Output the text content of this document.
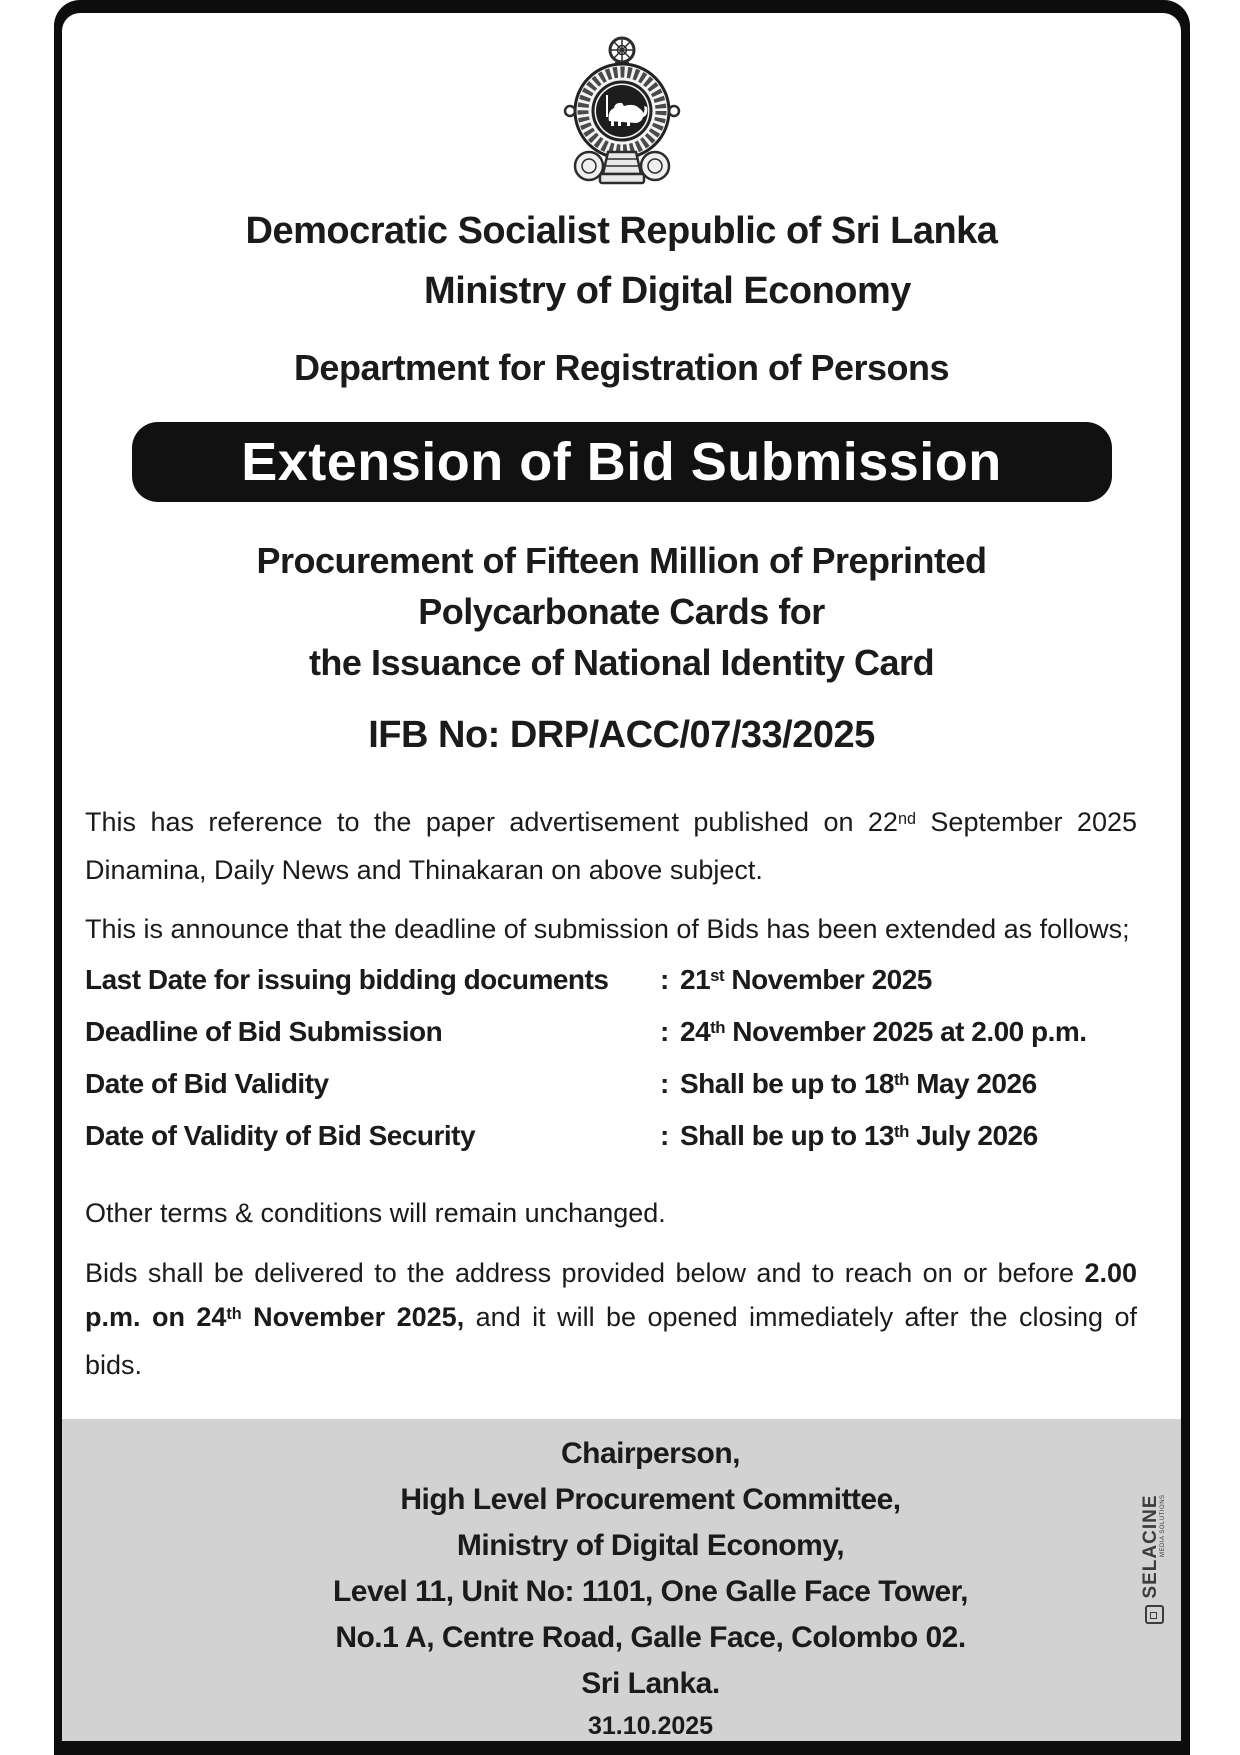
Democratic Socialist Republic of Sri Lanka
Ministry of Digital Economy
Department for Registration of Persons
Extension of Bid Submission
Procurement of Fifteen Million of Preprinted
Polycarbonate Cards for
the Issuance of National Identity Card
IFB No: DRP/ACC/07/33/2025
This has reference to the paper advertisement published on 22nd September 2025 Dinamina, Daily News and Thinakaran on above subject.
This is announce that the deadline of submission of Bids has been extended as follows;
Last Date for issuing bidding documents	: 21st November 2025
Deadline of Bid Submission	: 24th November 2025 at 2.00 p.m.
Date of Bid Validity	: Shall be up to 18th May 2026
Date of Validity of Bid Security	: Shall be up to 13th July 2026
Other terms & conditions will remain unchanged.
Bids shall be delivered to the address provided below and to reach on or before 2.00 p.m. on 24th November 2025, and it will be opened immediately after the closing of bids.
Chairperson,
High Level Procurement Committee,
Ministry of Digital Economy,
Level 11, Unit No: 1101, One Galle Face Tower,
No.1 A, Centre Road, Galle Face, Colombo 02.
Sri Lanka.
31.10.2025
SELACINE MEDIA SOLUTIONS
